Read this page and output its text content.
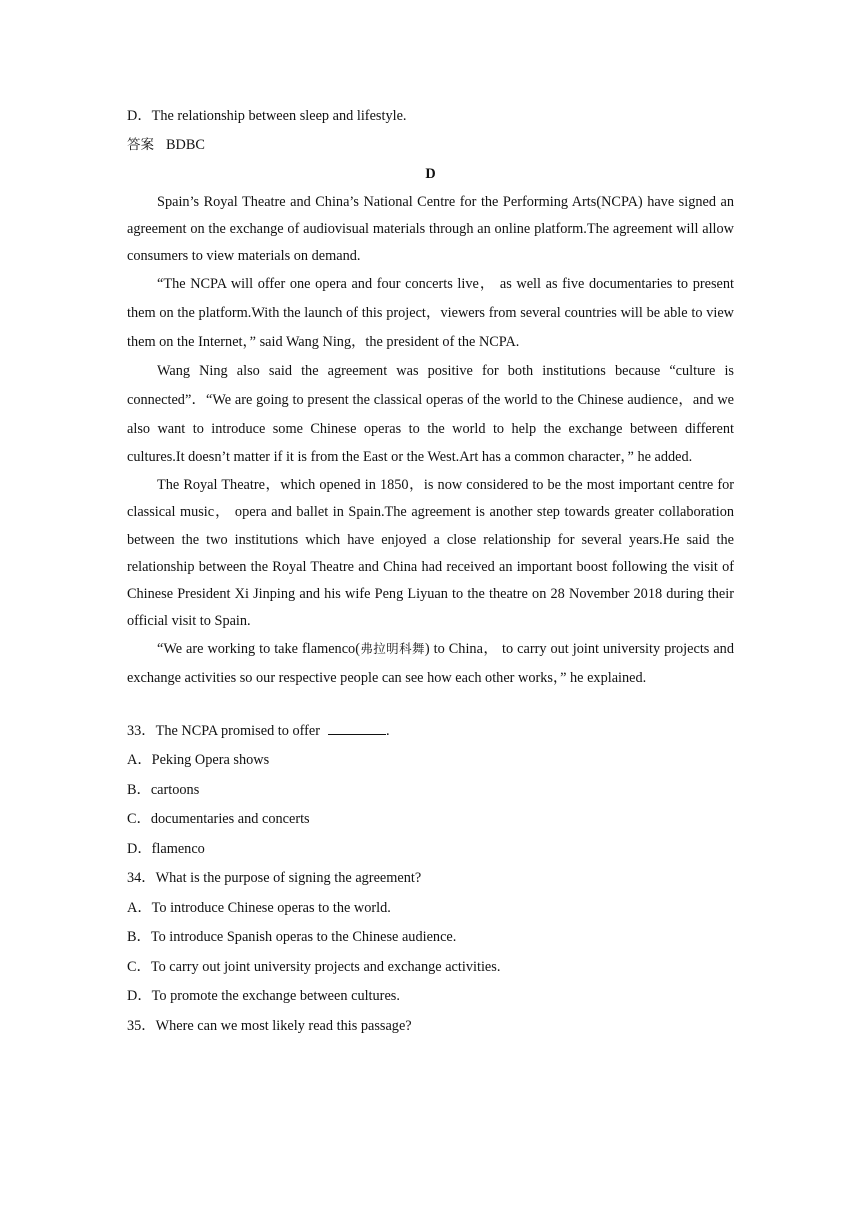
D．The relationship between sleep and lifestyle.

答案 BDBC

D

Spain’s Royal Theatre and China’s National Centre for the Performing Arts(NCPA) have signed an agreement on the exchange of audiovisual materials through an online platform.The agreement will allow consumers to view materials on demand.

“The NCPA will offer one opera and four concerts live， as well as five documentaries to present them on the platform.With the launch of this project，viewers from several countries will be able to view them on the Internet，” said Wang Ning，the president of the NCPA.

Wang Ning also said the agreement was positive for both institutions because “culture is connected”．“We are going to present the classical operas of the world to the Chinese audience，and we also want to introduce some Chinese operas to the world to help the exchange between different cultures.It doesn’t matter if it is from the East or the West.Art has a common character，” he added.

The Royal Theatre，which opened in 1850，is now considered to be the most important centre for classical music， opera and ballet in Spain.The agreement is another step towards greater collaboration between the two institutions which have enjoyed a close relationship for several years.He said the relationship between the Royal Theatre and China had received an important boost following the visit of Chinese President Xi Jinping and his wife Peng Liyuan to the theatre on 28 November 2018 during their official visit to Spain.

“We are working to take flamenco(弗拉明科舞) to China， to carry out joint university projects and exchange activities so our respective people can see how each other works，” he explained.

33．The NCPA promised to offer	.

A．Peking Opera shows

B．cartoons

C．documentaries and concerts

D．flamenco

34．What is the purpose of signing the agreement?

A．To introduce Chinese operas to the world.

B．To introduce Spanish operas to the Chinese audience.

C．To carry out joint university projects and exchange activities.

D．To promote the exchange between cultures.

35．Where can we most likely read this passage?
